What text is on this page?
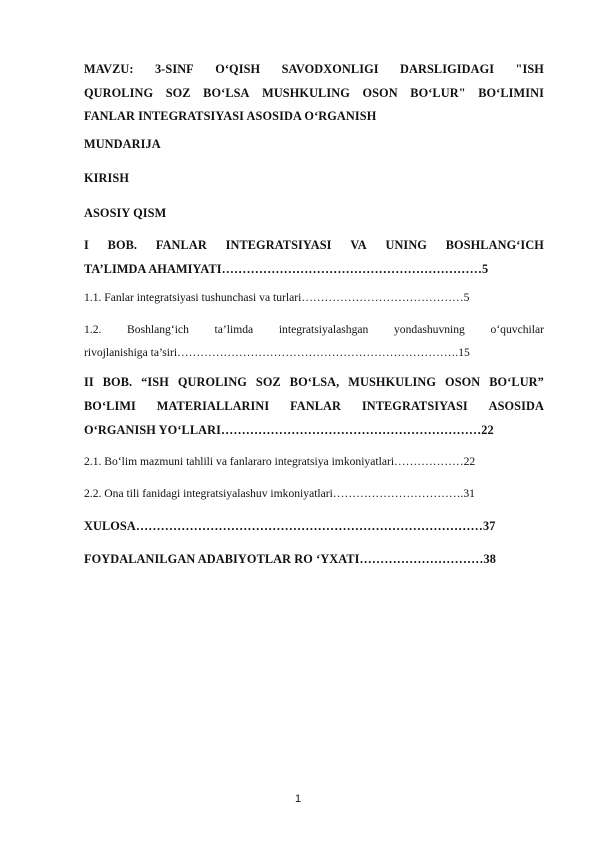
MAVZU: 3-SINF O‘QISH SAVODXONLIGI DARSLIGIDAGI "ISH
QUROLING SOZ BO‘LSA MUSHKULING OSON BO‘LUR" BO‘LIMINI
FANLAR INTEGRATSIYASI ASOSIDA O‘RGANISH
MUNDARIJA
KIRISH
ASOSIY QISM
I BOB. FANLAR INTEGRATSIYASI VA UNING BOSHLANG‘ICH
TA’LIMDA AHAMIYATI………………………………………………………5
1.1. Fanlar integratsiyasi tushunchasi va turlari……………………………………5
1.2. Boshlang‘ich ta’limda integratsiyalashgan yondashuvning o‘quvchilar
rivojlanishiga ta’siri……………………………………………………………….15
II BOB. “ISH QUROLING SOZ BO‘LSA, MUSHKULING OSON BO‘LUR”
BO‘LIMI MATERIALLARINI FANLAR INTEGRATSIYASI ASOSIDA
O‘RGANISH YO‘LLARI………………………………………………………22
2.1. Bo‘lim mazmuni tahlili va fanlararo integratsiya imkoniyatlari………………22
2.2. Ona tili fanidagi integratsiyalashuv imkoniyatlari…………………………….31
XULOSA…………………………………………………………………………37
FOYDALANILGAN ADABIYOTLAR RO ‘YXATI…………………………38
1
